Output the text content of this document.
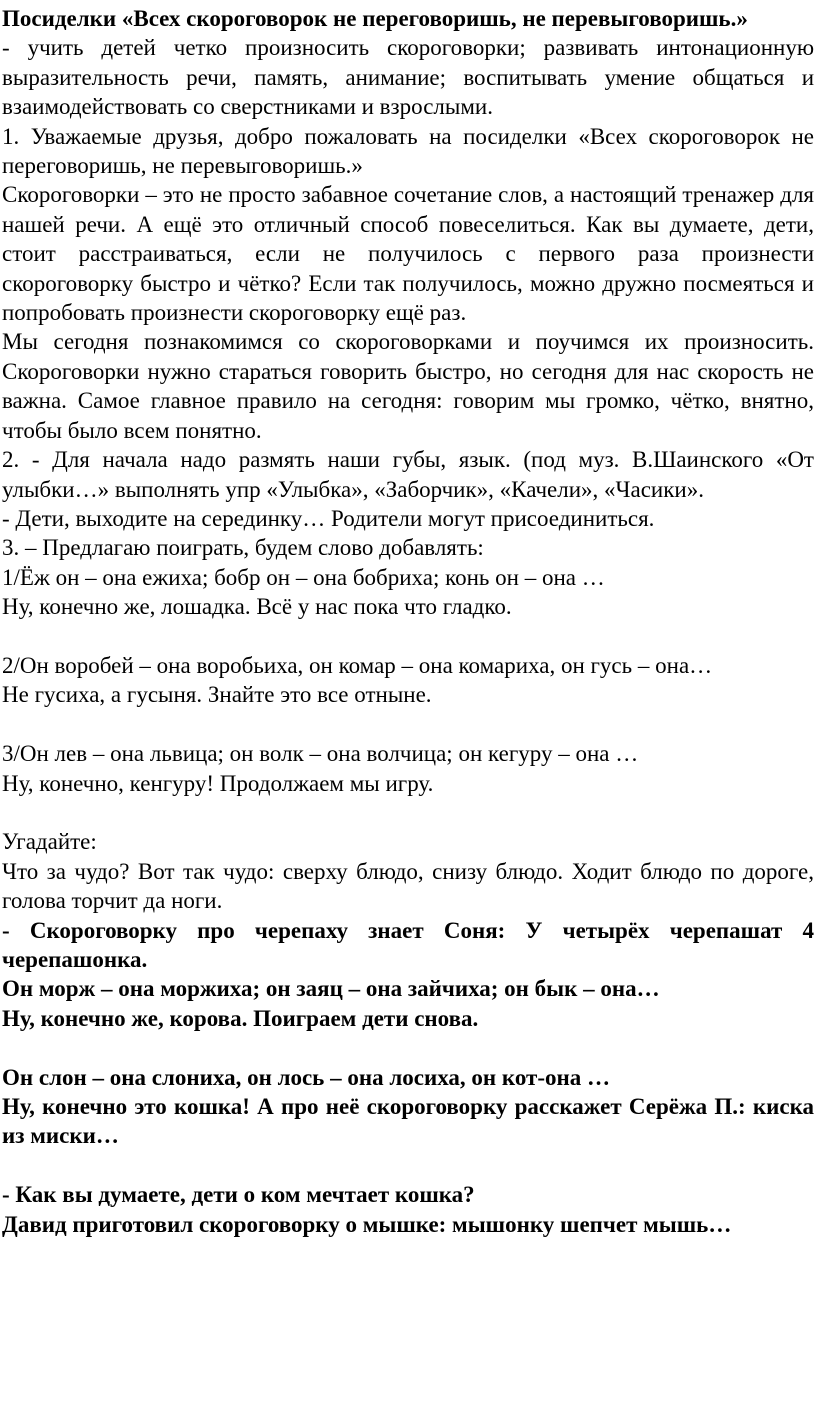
Посиделки «Всех скороговорок не переговоришь, не перевыговоришь.»

- учить детей четко произносить скороговорки; развивать интонационную выразительность речи, память, анимание; воспитывать умение общаться и взаимодействовать со сверстниками и взрослыми.

1. Уважаемые друзья, добро пожаловать на посиделки «Всех скороговорок не переговоришь, не перевыговоришь.»

Скороговорки – это не просто забавное сочетание слов, а настоящий тренажер для нашей речи. А ещё это отличный способ повеселиться. Как вы думаете, дети, стоит расстраиваться, если не получилось с первого раза произнести скороговорку быстро и чётко? Если так получилось, можно дружно посмеяться и попробовать произнести скороговорку ещё раз.

Мы сегодня познакомимся со скороговорками и поучимся их произносить. Скороговорки нужно стараться говорить быстро, но сегодня для нас скорость не важна. Самое главное правило на сегодня: говорим мы громко, чётко, внятно, чтобы было всем понятно.

2. - Для начала надо размять наши губы, язык. (под муз. В.Шаинского «От улыбки…» выполнять упр «Улыбка», «Заборчик», «Качели», «Часики».

- Дети, выходите на серединку… Родители могут присоединиться.

3. – Предлагаю поиграть, будем слово добавлять:

1/Ёж он – она ежиха; бобр он – она бобриха; конь он – она …

Ну, конечно же, лошадка. Всё у нас пока что гладко.

2/Он воробей – она воробьиха, он комар – она комариха, он гусь – она…

Не гусиха, а гусыня. Знайте это все отныне.

3/Он лев – она львица; он волк – она волчица; он кегуру – она …

Ну, конечно, кенгуру! Продолжаем мы игру.

Угадайте:

Что за чудо? Вот так чудо: сверху блюдо, снизу блюдо. Ходит блюдо по дороге, голова торчит да ноги.

- Скороговорку про черепаху знает Соня: У четырёх черепашат 4 черепашонка.

Он морж – она моржиха; он заяц – она зайчиха; он бык – она…

Ну, конечно же, корова. Поиграем дети снова.

Он слон – она слониха, он лось – она лосиха, он кот-она …

Ну, конечно это кошка! А про неё скороговорку расскажет Серёжа П.: киска из миски…

- Как вы думаете, дети о ком мечтает кошка?

Давид приготовил скороговорку о мышке: мышонку шепчет мышь…
